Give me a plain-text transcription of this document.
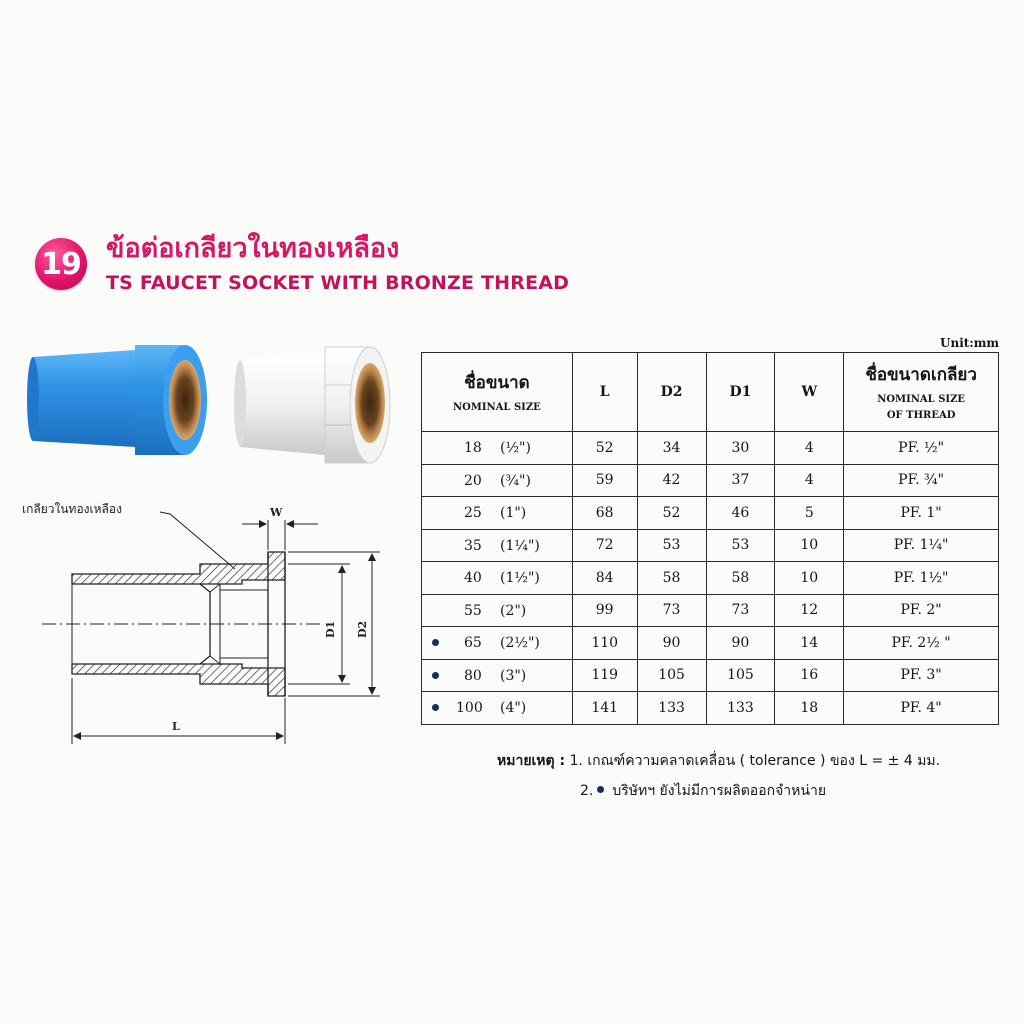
19 ข้อต่อเกลียวในทองเหลือง
TS FAUCET SOCKET WITH BRONZE THREAD
เกลียวในทองเหลือง	W
D1 D2
L
Unit:mm
ชื่อขนาด
NOMINAL SIZE	L	D2	D1	W	ชื่อขนาดเกลียว
NOMINAL SIZE
OF THREAD

18 (½")	52	34	30	4	PF. ½"

20 (¾")	59	42	37	4	PF. ¾"

25 (1")	68	52	46	5	PF. 1"

35 (1¼")	72	53	53	10	PF. 1¼"

40 (1½")	84	58	58	10	PF. 1½"

55 (2")	99	73	73	12	PF. 2"

65 (2½")	110	90	90	14	PF. 2½ "

80 (3")	119	105	105	16	PF. 3"

100 (4")	141	133	133	18	PF. 4"
หมายเหตุ : 1. เกณฑ์ความคลาดเคลื่อน ( tolerance ) ของ L = ± 4 มม.
2. บริษัทฯ ยังไม่มีการผลิตออกจำหน่าย
